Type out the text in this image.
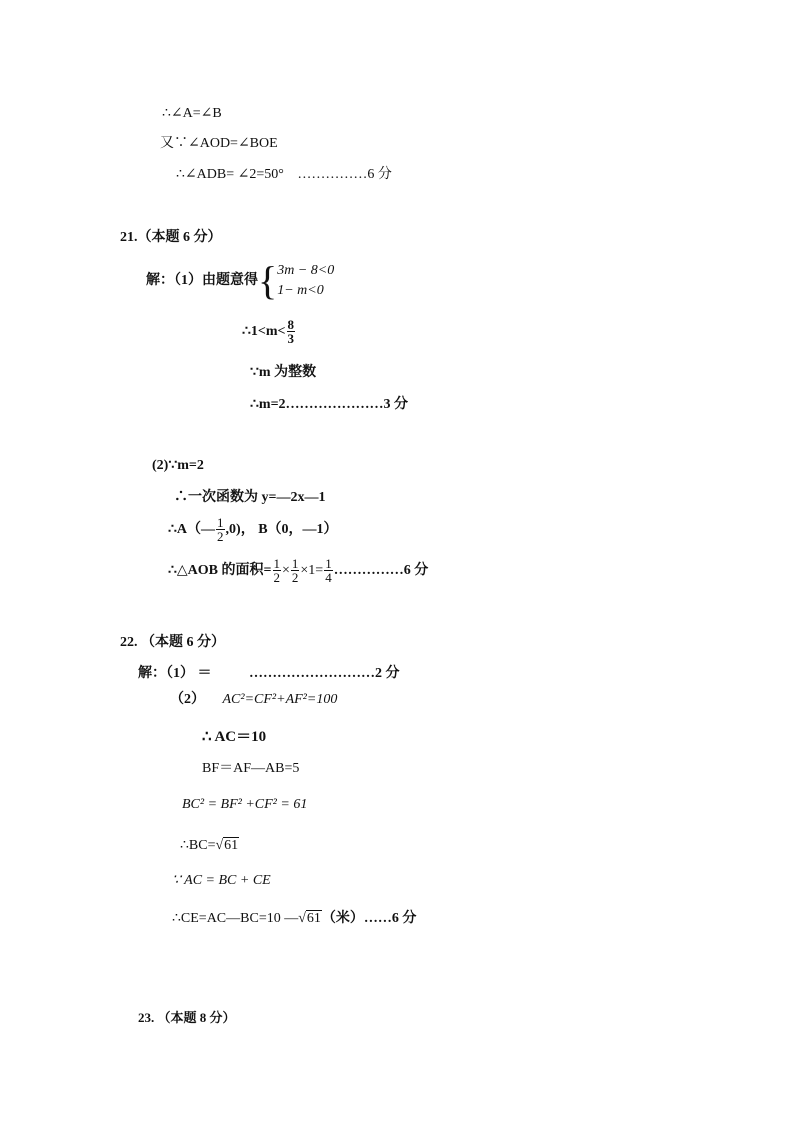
∴∠A=∠B
又∵∠AOD=∠BOE
∴∠ADB= ∠2=50° ……………6 分
21.（本题 6 分）
解：（1）由题意得 { 3m − 8<0
1− m<0
∴1<m< $\frac{8}{3}$
∵m 为整数
∴m=2…………………3 分
(2)∵m=2
∴一次函数为 y=—2x—1
∴A（— $\frac{1}{2} ,0$)， B（0，—1）
∴△AOB 的面积= $\frac{1}{2} \times \frac{1}{2} \times 1= \frac{1}{4}$ ……………6 分
22. （本题 6 分）
解：（1） ＝	………………………2 分
（2） AC²=CF²+AF²=100
∴ AC＝10
BF＝AF—AB=5
BC² = BF² +CF² = 61
∴BC= √ 61
∵ AC = BC + CE
∴CE=AC—BC=10 — √ 61 （米）……6 分
23. （本题 8 分）
